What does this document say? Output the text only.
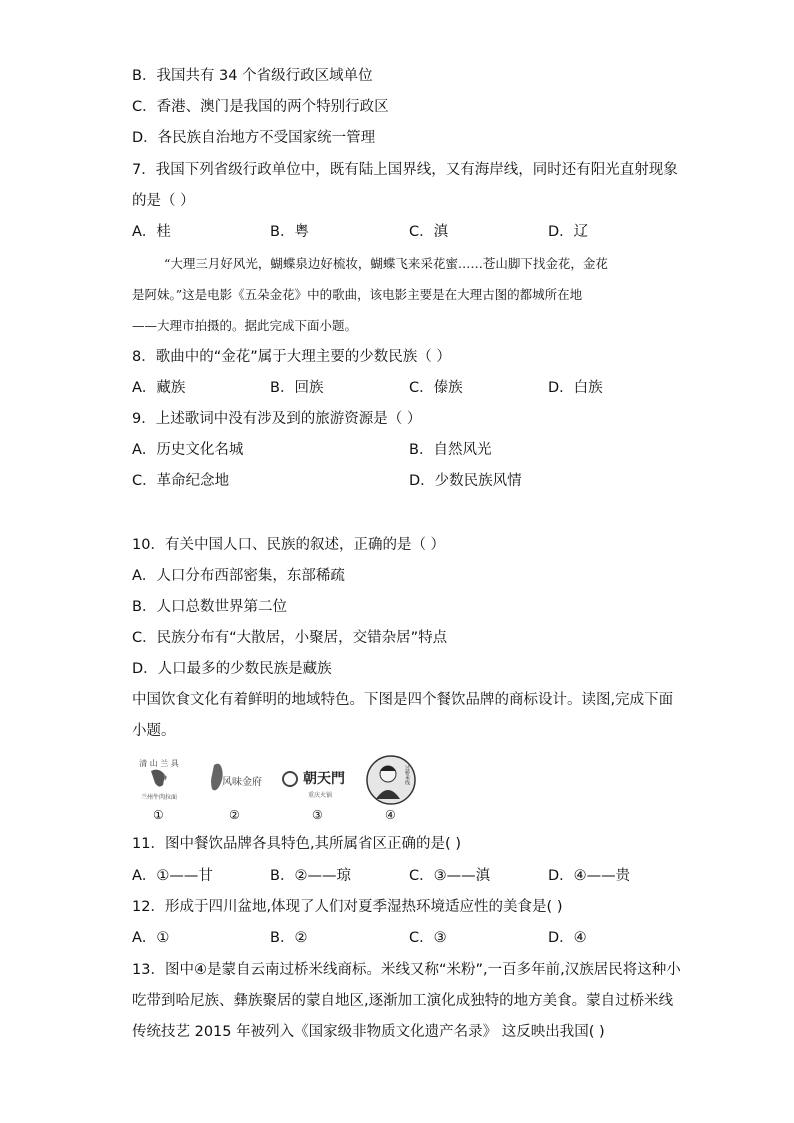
B．我国共有 34 个省级行政区域单位
C．香港、澳门是我国的两个特别行政区
D．各民族自治地方不受国家统一管理
7．我国下列省级行政单位中，既有陆上国界线，又有海岸线，同时还有阳光直射现象
的是（ ）
A．桂	B．粤	C．滇	D．辽
“大理三月好风光，蝴蝶泉边好梳妆，蝴蝶飞来采花蜜……苍山脚下找金花，金花
是阿妹。”这是电影《五朵金花》中的歌曲，该电影主要是在大理古图的都城所在地
——大理市拍摄的。据此完成下面小题。
8．歌曲中的“金花”属于大理主要的少数民族（ ）
A．藏族	B．回族	C．傣族	D．白族
9．上述歌词中没有涉及到的旅游资源是（ ）
A．历史文化名城	B．自然风光
C．革命纪念地	D．少数民族风情
10．有关中国人口、民族的叙述，正确的是（ ）
A．人口分布西部密集，东部稀疏
B．人口总数世界第二位
C．民族分布有“大散居，小聚居，交错杂居”特点
D．人口最多的少数民族是藏族
中国饮食文化有着鲜明的地域特色。下图是四个餐饮品牌的商标设计。读图,完成下面
小题。
清 山 兰 具
兰州牛肉拉面
风味金府	朝天門
重庆火锅
过桥米线
①	②	③	④
11．图中餐饮品牌各具特色,其所属省区正确的是( )
A．①——甘	B．②——琼	C．③——滇	D．④——贵
12．形成于四川盆地,体现了人们对夏季湿热环境适应性的美食是( )
A．①	B．②	C．③	D．④
13．图中④是蒙自云南过桥米线商标。米线又称“米粉”,一百多年前,汉族居民将这种小
吃带到哈尼族、彝族聚居的蒙自地区,逐渐加工演化成独特的地方美食。蒙自过桥米线
传统技艺 2015 年被列入《国家级非物质文化遗产名录》 这反映出我国( )
